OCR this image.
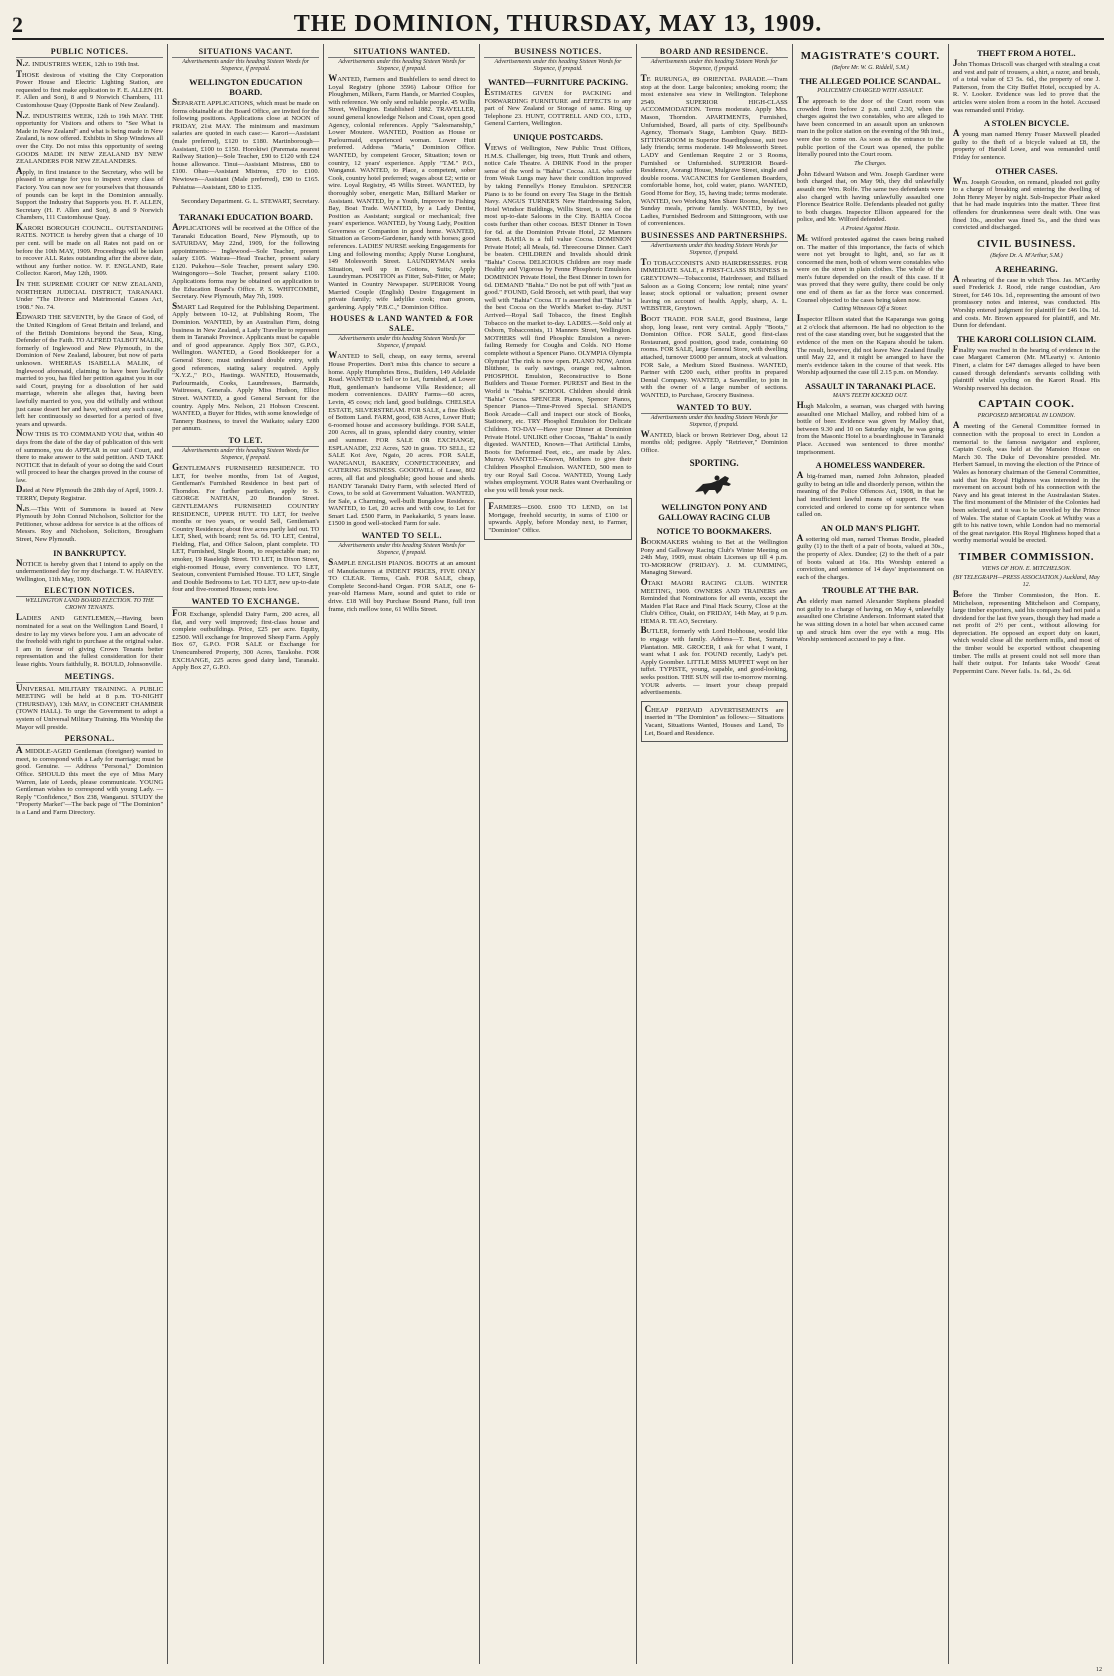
2	THE DOMINION, THURSDAY, MAY 13, 1909.
PUBLIC NOTICES.

N.Z. INDUSTRIES WEEK, 12th to 19th Inst.

THOSE desirous of visiting the City Corporation Power House and Electric Lighting Station, are requested to first make application to F. E. ALLEN (H. F. Allen and Son), 8 and 9 Norwich Chambers, 111 Customhouse Quay (Opposite Bank of New Zealand).

N.Z. INDUSTRIES WEEK, 12th to 19th MAY. THE opportunity for Visitors and others to "See What is Made in New Zealand" and what is being made in New Zealand, is now offered. Exhibits in Shop Windows all over the City. Do not miss this opportunity of seeing GOODS MADE IN NEW ZEALAND BY NEW ZEALANDERS FOR NEW ZEALANDERS.

Apply, in first instance to the Secretary, who will be pleased to arrange for you to inspect every class of Factory. You can now see for yourselves that thousands of pounds can be kept in the Dominion annually. Support the Industry that Supports you. H. F. ALLEN, Secretary (H. F. Allen and Son), 8 and 9 Norwich Chambers, 111 Customhouse Quay.

KARORI BOROUGH COUNCIL. OUTSTANDING RATES. NOTICE is hereby given that a charge of 10 per cent. will be made on all Rates not paid on or before the 10th MAY, 1909. Proceedings will be taken to recover ALL Rates outstanding after the above date, without any further notice. W. F. ENGLAND, Rate Collector. Karori, May 12th, 1909.

IN THE SUPREME COURT OF NEW ZEALAND, NORTHERN JUDICIAL DISTRICT, TARANAKI. Under "The Divorce and Matrimonial Causes Act, 1908." No. 74.

EDWARD THE SEVENTH, by the Grace of God, of the United Kingdom of Great Britain and Ireland, and of the British Dominions beyond the Seas, King, Defender of the Faith. TO ALFRED TALBOT MALIK, formerly of Inglewood and New Plymouth, in the Dominion of New Zealand, labourer, but now of parts unknown. WHEREAS ISABELLA MALIK, of Inglewood aforesaid, claiming to have been lawfully married to you, has filed her petition against you in our said Court, praying for a dissolution of her said marriage, wherein she alleges that, having been lawfully married to you, you did wilfully and without just cause desert her and have, without any such cause, left her continuously so deserted for a period of five years and upwards.

NOW THIS IS TO COMMAND YOU that, within 40 days from the date of the day of publication of this writ of summons, you do APPEAR in our said Court, and there to make answer to the said petition. AND TAKE NOTICE that in default of your so doing the said Court will proceed to hear the charges proved in the course of law.

Dated at New Plymouth the 28th day of April, 1909. J. TERRY, Deputy Registrar.

N.B.—This Writ of Summons is issued at New Plymouth by John Conrad Nicholson, Solicitor for the Petitioner, whose address for service is at the offices of Messrs. Roy and Nicholson, Solicitors, Brougham Street, New Plymouth.

IN BANKRUPTCY.

NOTICE is hereby given that I intend to apply on the undermentioned day for my discharge. T. W. HARVEY. Wellington, 11th May, 1909.

ELECTION NOTICES.
WELLINGTON LAND BOARD ELECTION. TO THE CROWN TENANTS.

LADIES AND GENTLEMEN,—Having been nominated for a seat on the Wellington Land Board, I desire to lay my views before you. I am an advocate of the freehold with right to purchase at the original value. I am in favour of giving Crown Tenants better representation and the fullest consideration for their lease rights. Yours faithfully, R. BOULD, Johnsonville.

MEETINGS.

UNIVERSAL MILITARY TRAINING. A PUBLIC MEETING will be held at 8 p.m. TO-NIGHT (THURSDAY), 13th MAY, in CONCERT CHAMBER (TOWN HALL). To urge the Government to adopt a system of Universal Military Training. His Worship the Mayor will preside.

PERSONAL.

A MIDDLE-AGED Gentleman (foreigner) wanted to meet, to correspond with a Lady for marriage; must be good. Genuine. — Address "Personal," Dominion Office. SHOULD this meet the eye of Miss Mary Warren, late of Leeds, please communicate. YOUNG Gentleman wishes to correspond with young Lady. — Reply "Confidence," Box 238, Wanganui. STUDY the "Property Market"—The back page of "The Dominion" is a Land and Farm Directory.

SITUATIONS VACANT.
Advertisements under this heading Sixteen Words for Sixpence, if prepaid.
WELLINGTON EDUCATION BOARD.

SEPARATE APPLICATIONS, which must be made on forms obtainable at the Board Office, are invited for the following positions. Applications close at NOON of FRIDAY, 21st MAY. The minimum and maximum salaries are quoted in each case:— Karori—Assistant (male preferred), £120 to £180. Martinborough—Assistant, £100 to £150. Horokiwi (Paremata nearest Railway Station)—Sole Teacher, £90 to £120 with £24 house allowance. Tinui—Assistant Mistress, £80 to £100. Ohau—Assistant Mistress, £70 to £100. Newtown—Assistant (Male preferred), £90 to £165. Pahiatua—Assistant, £80 to £135.

Secondary Department. G. L. STEWART, Secretary.

TARANAKI EDUCATION BOARD.

APPLICATIONS will be received at the Office of the Taranaki Education Board, New Plymouth, up to SATURDAY, May 22nd, 1909, for the following appointments:— Inglewood—Sole Teacher, present salary £105. Wairau—Head Teacher, present salary £120. Pukehou—Sole Teacher, present salary £90. Waingongoro—Sole Teacher, present salary £100. Applications forms may be obtained on application to the Education Board's Office. P. S. WHITCOMBE, Secretary. New Plymouth, May 7th, 1909.

SMART Lad Required for the Publishing Department. Apply between 10-12, at Publishing Room, The Dominion. WANTED, by an Australian Firm, doing business in New Zealand, a Lady Traveller to represent them in Taranaki Province. Applicants must be capable and of good appearance. Apply Box 307, G.P.O., Wellington. WANTED, a Good Bookkeeper for a General Store; must understand double entry, with good references, stating salary required. Apply "X.Y.Z.," P.O., Hastings. WANTED, Housemaids, Parlourmaids, Cooks, Laundresses, Barmaids, Waitresses, Generals. Apply Miss Hudson, Ellice Street. WANTED, a good General Servant for the country. Apply Mrs. Nelson, 21 Hobson Crescent. WANTED, a Buyer for Hides, with some knowledge of Tannery Business, to travel the Waikato; salary £200 per annum.

TO LET.
Advertisements under this heading Sixteen Words for Sixpence, if prepaid.

GENTLEMAN'S FURNISHED RESIDENCE. TO LET, for twelve months, from 1st of August, Gentleman's Furnished Residence in best part of Thorndon. For further particulars, apply to S. GEORGE NATHAN, 20 Brandon Street. GENTLEMAN'S FURNISHED COUNTRY RESIDENCE, UPPER HUTT. TO LET, for twelve months or two years, or would Sell, Gentleman's Country Residence; about five acres partly laid out. TO LET, Shed, with board; rent 5s. 6d. TO LET, Central, Fielding, Flat, and Office Saloon, plant complete. TO LET, Furnished, Single Room, to respectable man; no smoker, 19 Raseleigh Street. TO LET, in Dixon Street, eight-roomed House, every convenience. TO LET, Seatoun, convenient Furnished House. TO LET, Single and Double Bedrooms to Let. TO LET, new up-to-date four and five-roomed Houses; rents low.

WANTED TO EXCHANGE.

FOR Exchange, splendid Dairy Farm, 200 acres, all flat, and very well improved; first-class house and complete outbuildings. Price, £25 per acre. Equity, £2500. Will exchange for Improved Sheep Farm. Apply Box 67, G.P.O. FOR SALE or Exchange for Unencumbered Property, 300 Acres, Tarakohe. FOR EXCHANGE, 225 acres good dairy land, Taranaki. Apply Box 27, G.P.O.

SITUATIONS WANTED.
Advertisements under this heading Sixteen Words for Sixpence, if prepaid.

WANTED, Farmers and Bushfellers to send direct to Loyal Registry (phone 3596) Labour Office for Ploughmen, Milkers, Farm Hands, or Married Couples, with reference. We only send reliable people. 45 Willis Street, Wellington. Established 1882. TRAVELLER, sound general knowledge Nelson and Coast, open good Agency, colonial references. Apply "Salesmanship," Lower Moutere. WANTED, Position as House or Parlourmaid, experienced woman. Lower Hutt preferred. Address "Maria," Dominion Office. WANTED, by competent Grocer, Situation; town or country, 12 years' experience. Apply "T.M." P.O., Wanganui. WANTED, to Place, a competent, sober Cook, country hotel preferred; wages about £2; write or wire. Loyal Registry, 45 Willis Street. WANTED, by thoroughly sober, energetic Man, Billiard Marker or Assistant. WANTED, by a Youth, Improver to Fishing Bay, Boat Trade. WANTED, by a Lady Dentist, Position as Assistant; surgical or mechanical; five years' experience. WANTED, by Young Lady, Position Governess or Companion in good home. WANTED, Situation as Groom-Gardener, handy with horses; good references. LADIES' NURSE seeking Engagements for Ling and following months; Apply Nurse Longhurst, 149 Molesworth Street. LAUNDRYMAN seeks Situation, well up in Cottons, Suits; Apply Laundryman. POSITION as Fitter, Sub-Fitter, or Mate; Wanted in Country Newspaper. SUPERIOR Young Married Couple (English) Desire Engagement in private family; wife ladylike cook; man groom, gardening. Apply "P.B.C.," Dominion Office.

HOUSES & LAND WANTED & FOR SALE.
Advertisements under this heading Sixteen Words for Sixpence, if prepaid.

WANTED to Sell, cheap, on easy terms, several House Properties. Don't miss this chance to secure a home. Apply Humphries Bros., Builders, 149 Adelaide Road. WANTED to Sell or to Let, furnished, at Lower Hutt, gentleman's handsome Villa Residence; all modern conveniences. DAIRY Farms—60 acres, Levin, 45 cows; rich land, good buildings. CHELSEA ESTATE, SILVERSTREAM. FOR SALE, a fine Block of Bottom Land. FARM, good, 638 Acres, Lower Hutt; 6-roomed house and accessory buildings. FOR SALE, 200 Acres, all in grass, splendid dairy country, winter and summer. FOR SALE OR EXCHANGE, ESPLANADE, 232 Acres, 520 in grass. TO SELL, £2 SALE Kot Ave, Ngaio, 20 acres. FOR SALE, WANGANUI, BAKERY, CONFECTIONERY, and CATERING BUSINESS. GOODWILL of Lease, 802 acres, all flat and ploughable; good house and sheds. HANDY Taranaki Dairy Farm, with selected Herd of Cows, to be sold at Government Valuation. WANTED, for Sale, a Charming, well-built Bungalow Residence. WANTED, to Let, 20 acres and with cow, to Let for Smart Lad. £500 Farm, in Paekakariki, 5 years lease. £1500 in good well-stocked Farm for sale.

WANTED TO SELL.
Advertisements under this heading Sixteen Words for Sixpence, if prepaid.

SAMPLE ENGLISH PIANOS. BOOTS at an amount of Manufacturers at INDENT PRICES, FIVE ONLY TO CLEAR. Terms, Cash. FOR SALE, cheap, Complete Second-hand Organ. FOR SALE, one 6-year-old Harness Mare, sound and quiet to ride or drive. £18 Will buy Purchase Bound Piano, full iron frame, rich mellow tone, 61 Willis Street.

BUSINESS NOTICES.
Advertisements under this heading Sixteen Words for Sixpence, if prepaid.
WANTED—FURNITURE PACKING.

ESTIMATES GIVEN for PACKING and FORWARDING FURNITURE and EFFECTS to any part of New Zealand or Storage of same. Ring up Telephone 23. HUNT, COTTRELL AND CO., LTD., General Carriers, Wellington.

UNIQUE POSTCARDS.

VIEWS of Wellington, New Public Trust Offices, H.M.S. Challenger, big trees, Hutt Trunk and others, notice Cafe Theatre. A DRINK Food in the proper sense of the word is "Bahia" Cocoa. ALL who suffer from Weak Lungs may have their condition improved by taking Fennelly's Honey Emulsion. SPENCER Piano is to be found on every Tea Stage in the British Navy. ANGUS TURNER'S New Hairdressing Salon, Hotel Windsor Buildings, Willis Street, is one of the most up-to-date Saloons in the City. BAHIA Cocoa costs further than other cocoas. BEST Dinner in Town for 6d. at the Dominion Private Hotel, 22 Manners Street. BAHIA is a full value Cocoa. DOMINION Private Hotel; all Meals, 6d. Threecourse Dinner. Can't be beaten. CHILDREN and Invalids should drink "Bahia" Cocoa. DELICIOUS Children are rosy made Healthy and Vigorous by Fenne Phosphoric Emulsion. DOMINION Private Hotel, the Best Dinner in town for 6d. DEMAND "Bahia." Do not be put off with "just as good." FOUND, Gold Brooch, set with pearl, that way well with "Bahia" Cocoa. IT is asserted that "Bahia" is the best Cocoa on the World's Market to-day. JUST Arrived—Royal Sail Tobacco, the finest English Tobacco on the market to-day. LADIES.—Sold only at Osborn, Tobacconists, 11 Manners Street, Wellington. MOTHERS will find Phosphic Emulsion a never-failing Remedy for Coughs and Colds. NO Home complete without a Spencer Piano. OLYMPIA Olympia Olympia! The rink is now open. PLANO NOW, Anton Blüthner, is early savings, orange red, salmon. PHOSPHOL Emulsion, Reconstructive to Bone Builders and Tissue Former. PUREST and Best in the World is "Bahia." SCHOOL Children should drink "Bahia" Cocoa. SPENCER Pianos, Spencer Pianos, Spencer Pianos—Time-Proved Special. SHAND'S Book Arcade—Call and inspect our stock of Books, Stationery, etc. TRY Phosphol Emulsion for Delicate Children. TO-DAY—Have your Dinner at Dominion Private Hotel. UNLIKE other Cocoas, "Bahia" is easily digested. WANTED, Known—That Artificial Limbs, Boots for Deformed Feet, etc., are made by Alex. Murray. WANTED—Known, Mothers to give their Children Phosphol Emulsion. WANTED, 500 men to try our Royal Sail Cocoa. WANTED, Young Lady wishes employment. YOUR Rates want Overhauling or else you will break your neck.

FARMERS—£600. £600 TO LEND, on 1st Mortgage, freehold security, in sums of £100 or upwards. Apply, before Monday next, to Farmer, "Dominion" Office.

BOARD AND RESIDENCE.
Advertisements under this heading Sixteen Words for Sixpence, if prepaid.

TE RURUNGA, 89 ORIENTAL PARADE.—Tram stop at the door. Large balconies; smoking room; the most extensive sea view in Wellington. Telephone 2549. SUPERIOR HIGH-CLASS ACCOMMODATION. Terms moderate. Apply Mrs. Mason, Thorndon. APARTMENTS, Furnished, Unfurnished, Board, all parts of city. Spellbound's Agency, Thomas's Stage, Lambton Quay. BED-SITTINGROOM in Superior Boardinghouse, suit two lady friends; terms moderate. 149 Molesworth Street. LADY and Gentleman Require 2 or 3 Rooms, Furnished or Unfurnished. SUPERIOR Board-Residence, Aorangi House, Mulgrave Street, single and double rooms. VACANCIES for Gentlemen Boarders, comfortable home, hot, cold water, piano. WANTED, Good Home for Boy, 15, having trade; terms moderate. WANTED, two Working Men Share Rooms, breakfast, Sunday meals, private family. WANTED, by two Ladies, Furnished Bedroom and Sittingroom, with use of conveniences.

BUSINESSES AND PARTNERSHIPS.
Advertisements under this heading Sixteen Words for Sixpence, if prepaid.

TO TOBACCONISTS AND HAIRDRESSERS. FOR IMMEDIATE SALE, a FIRST-CLASS BUSINESS in GREYTOWN—Tobacconist, Hairdresser, and Billiard Saloon as a Going Concern; low rental; nine years' lease; stock optional or valuation; present owner leaving on account of health. Apply, sharp, A. L. WEBSTER, Greytown.

BOOT TRADE. FOR SALE, good Business, large shop, long lease, rent very central. Apply "Boots," Dominion Office. FOR SALE, good first-class Restaurant, good position, good trade, containing 60 rooms. FOR SALE, large General Store, with dwelling attached, turnover £6000 per annum, stock at valuation. FOR Sale, a Medium Sized Business. WANTED, Partner with £200 each, either profits in prepared Dental Company. WANTED, a Sawmiller, to join in with the owner of a large number of sections. WANTED, to Purchase, Grocery Business.

WANTED TO BUY.
Advertisements under this heading Sixteen Words for Sixpence, if prepaid.

WANTED, black or brown Retriever Dog, about 12 months old; pedigree. Apply "Retriever," Dominion Office.

SPORTING.
WELLINGTON PONY AND GALLOWAY RACING CLUB
NOTICE TO BOOKMAKERS.

BOOKMAKERS wishing to Bet at the Wellington Pony and Galloway Racing Club's Winter Meeting on 24th May, 1909, must obtain Licenses up till 4 p.m. TO-MORROW (FRIDAY). J. M. CUMMING, Managing Steward.

OTAKI MAORI RACING CLUB. WINTER MEETING, 1909. OWNERS AND TRAINERS are Reminded that Nominations for all events, except the Maiden Flat Race and Final Hack Scurry, Close at the Club's Office, Otaki, on FRIDAY, 14th May, at 9 p.m. HEMA R. TE AO, Secretary.

BUTLER, formerly with Lord Hobhouse, would like to engage with family. Address—T. Best, Sumatra Plantation. MR. GROCER, I ask for what I want, I want what I ask for. FOUND recently, Lady's pet. Apply Goomber. LITTLE MISS MUFFET wept on her tuffet. TYPISTE, young, capable, and good-looking, seeks position. THE SUN will rise to-morrow morning. YOUR adverts. — insert your cheap prepaid advertisements.

CHEAP PREPAID ADVERTISEMENTS are inserted in "The Dominion" as follows:— Situations Vacant, Situations Wanted, Houses and Land, To Let, Board and Residence.

MAGISTRATE'S COURT.
(Before Mr. W. G. Riddell, S.M.)
THE ALLEGED POLICE SCANDAL.
POLICEMEN CHARGED WITH ASSAULT.

The approach to the door of the Court room was crowded from before 2 p.m. until 2.30, when the charges against the two constables, who are alleged to have been concerned in an assault upon an unknown man in the police station on the evening of the 9th inst., were due to come on. As soon as the entrance to the public portion of the Court was opened, the public literally poured into the Court room.

The Charges.

John Edward Watson and Wm. Joseph Gardiner were both charged that, on May 9th, they did unlawfully assault one Wm. Rolfe. The same two defendants were also charged with having unlawfully assaulted one Florence Beatrice Rolfe. Defendants pleaded not guilty to both charges. Inspector Ellison appeared for the police, and Mr. Wilford defended.

A Protest Against Haste.

Mr. Wilford protested against the cases being rushed on. The matter of this importance, the facts of which were not yet brought to light, and, so far as it concerned the men, both of whom were constables who were on the street in plain clothes. The whole of the men's future depended on the result of this case. If it was proved that they were guilty, there could be only one end of them as far as the force was concerned. Counsel objected to the cases being taken now.

Cutting Witnesses Off a Stoner.

Inspector Ellison stated that the Kaparanga was going at 2 o'clock that afternoon. He had no objection to the rest of the case standing over, but he suggested that the evidence of the men on the Kapara should be taken. The result, however, did not leave New Zealand finally until May 22, and it might be arranged to have the men's evidence taken in the course of that week. His Worship adjourned the case till 2.15 p.m. on Monday.

ASSAULT IN TARANAKI PLACE.
MAN'S TEETH KICKED OUT.

Hugh Malcolm, a seaman, was charged with having assaulted one Michael Malloy, and robbed him of a bottle of beer. Evidence was given by Malloy that, between 9.30 and 10 on Saturday night, he was going from the Masonic Hotel to a boardinghouse in Taranaki Place. Accused was sentenced to three months' imprisonment.

A HOMELESS WANDERER.

A big-framed man, named John Johnston, pleaded guilty to being an idle and disorderly person, within the meaning of the Police Offences Act, 1908, in that he had insufficient lawful means of support. He was convicted and ordered to come up for sentence when called on.

AN OLD MAN'S PLIGHT.

A sottering old man, named Thomas Brodie, pleaded guilty (1) to the theft of a pair of boots, valued at 30s., the property of Alex. Dundee; (2) to the theft of a pair of boots valued at 16s. His Worship entered a conviction, and sentence of 14 days' imprisonment on each of the charges.

TROUBLE AT THE BAR.

An elderly man named Alexander Stephens pleaded not guilty to a charge of having, on May 4, unlawfully assaulted one Christine Anderson. Informant stated that he was sitting down in a hotel bar when accused came up and struck him over the eye with a mug. His Worship sentenced accused to pay a fine.

THEFT FROM A HOTEL.

John Thomas Driscoll was charged with stealing a coat and vest and pair of trousers, a shirt, a razor, and brush, of a total value of £3 5s. 6d., the property of one J. Patterson, from the City Buffet Hotel, occupied by A. R. V. Looker. Evidence was led to prove that the articles were stolen from a room in the hotel. Accused was remanded until Friday.

A STOLEN BICYCLE.

A young man named Henry Fraser Maxwell pleaded guilty to the theft of a bicycle valued at £8, the property of Harold Lowe, and was remanded until Friday for sentence.

OTHER CASES.

Wm. Joseph Groudon, on remand, pleaded not guilty to a charge of breaking and entering the dwelling of John Henry Meyer by night. Sub-Inspector Phair asked that he had made inquiries into the matter. Three first offenders for drunkenness were dealt with. One was fined 10s., another was fined 5s., and the third was convicted and discharged.

CIVIL BUSINESS.
(Before Dr. A. M'Arthur, S.M.)
A REHEARING.

A rehearing of the case in which Thos. Jas. M'Carthy sued Frederick J. Rood, ride range custodian, Aro Street, for £46 10s. 1d., representing the amount of two promissory notes and interest, was conducted. His Worship entered judgment for plaintiff for £46 10s. 1d. and costs. Mr. Brown appeared for plaintiff, and Mr. Dunn for defendant.

THE KARORI COLLISION CLAIM.

Finality was reached in the hearing of evidence in the case Margaret Cameron (Mr. M'Learty) v. Antonio Fineri, a claim for £47 damages alleged to have been caused through defendant's servants colliding with plaintiff whilst cycling on the Karori Road. His Worship reserved his decision.

CAPTAIN COOK.
PROPOSED MEMORIAL IN LONDON.

A meeting of the General Committee formed in connection with the proposal to erect in London a memorial to the famous navigator and explorer, Captain Cook, was held at the Mansion House on March 30. The Duke of Devonshire presided. Mr. Herbert Samuel, in moving the election of the Prince of Wales as honorary chairman of the General Committee, said that his Royal Highness was interested in the movement on account both of his connection with the Navy and his great interest in the Australasian States. The first monument of the Minister of the Colonies had been selected, and it was to be unveiled by the Prince of Wales. The statue of Captain Cook at Whitby was a gift to his native town, while London had no memorial of the great navigator. His Royal Highness hoped that a worthy memorial would be erected.

TIMBER COMMISSION.
VIEWS OF HON. E. MITCHELSON.
(BY TELEGRAPH—PRESS ASSOCIATION.) Auckland, May 12.

Before the Timber Commission, the Hon. E. Mitchelson, representing Mitchelson and Company, large timber exporters, said his company had not paid a dividend for the last five years, though they had made a net profit of 2½ per cent., without allowing for depreciation. He opposed an export duty on kauri, which would close all the northern mills, and most of the timber would be exported without cheapening timber. The mills at present could not sell more than half their output. For Infants take Woods' Great Peppermint Cure. Never fails. 1s. 6d., 2s. 6d.

12
